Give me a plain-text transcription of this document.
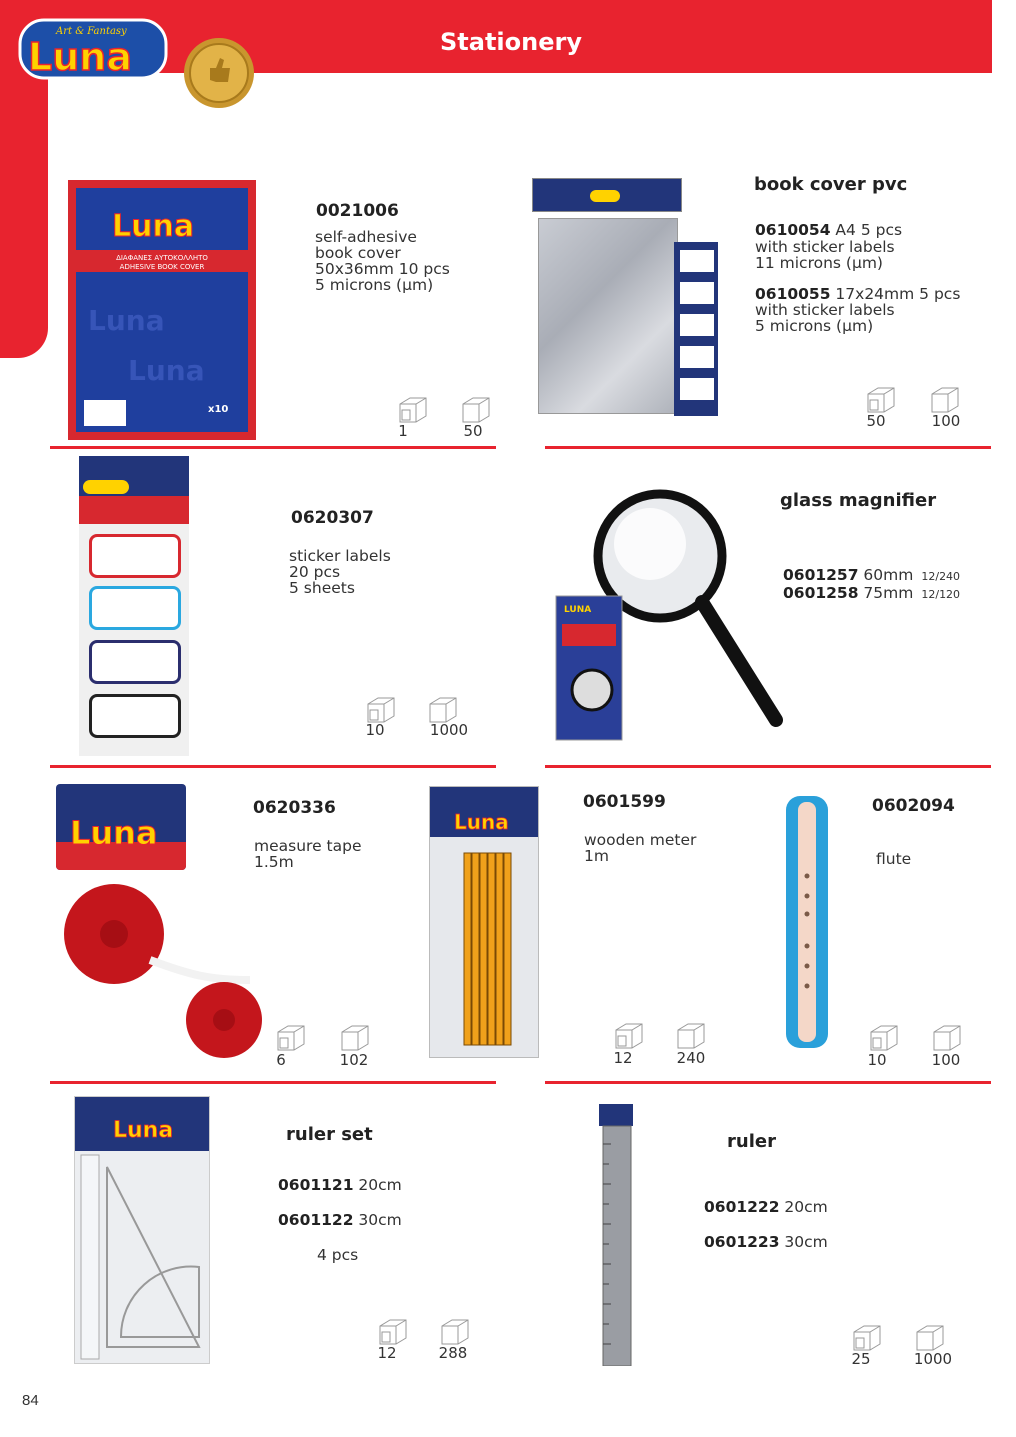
Stationery
Art & Fantasy
Luna
Luna
ΔΙΑΦΑΝΕΣ ΑΥΤΟΚΟΛΛΗΤΟ
ADHESIVE BOOK COVER
Luna
Luna
x10
0021006
self-adhesive
book cover
50x36mm 10 pcs
5 microns (μm)
1	50
book cover pvc
0610054 A4 5 pcs
with sticker labels
11 microns (μm)
0610055 17x24mm 5 pcs
with sticker labels
5 microns (μm)
50	100
0620307
sticker labels
20 pcs
5 sheets
10	1000
LUNA
glass magnifier
0601257 60mm 12/240
0601258 75mm 12/120
Luna
0620336
measure tape
1.5m
6	102
Luna
0601599
wooden meter
1m
12	240
0602094
flute
10	100
Luna	ruler set
0601121 20cm
0601122 30cm
4 pcs
12	288
ruler
0601222 20cm
0601223 30cm
25	1000
84
